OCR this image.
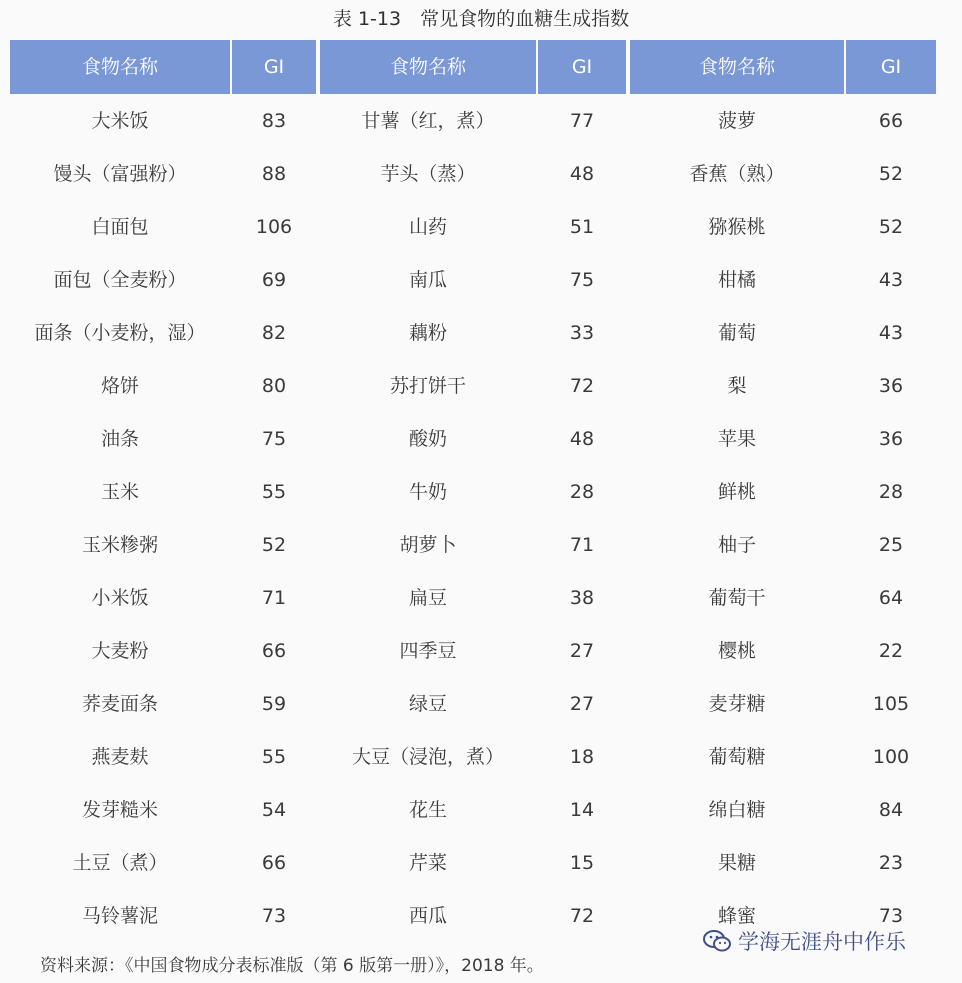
表 1-13　常见食物的血糖生成指数
食物名称	GI	食物名称	GI	食物名称	GI
大米饭	83	甘薯（红，煮）	77	菠萝	66
馒头（富强粉）	88	芋头（蒸）	48	香蕉（熟）	52
白面包	106	山药	51	猕猴桃	52
面包（全麦粉）	69	南瓜	75	柑橘	43
面条（小麦粉，湿）	82	藕粉	33	葡萄	43
烙饼	80	苏打饼干	72	梨	36
油条	75	酸奶	48	苹果	36
玉米	55	牛奶	28	鲜桃	28
玉米糁粥	52	胡萝卜	71	柚子	25
小米饭	71	扁豆	38	葡萄干	64
大麦粉	66	四季豆	27	樱桃	22
荞麦面条	59	绿豆	27	麦芽糖	105
燕麦麸	55	大豆（浸泡，煮）	18	葡萄糖	100
发芽糙米	54	花生	14	绵白糖	84
土豆（煮）	66	芹菜	15	果糖	23
马铃薯泥	73	西瓜	72	蜂蜜	73
资料来源：《中国食物成分表标准版（第 6 版第一册）》，2018 年。
学海无涯舟中作乐
